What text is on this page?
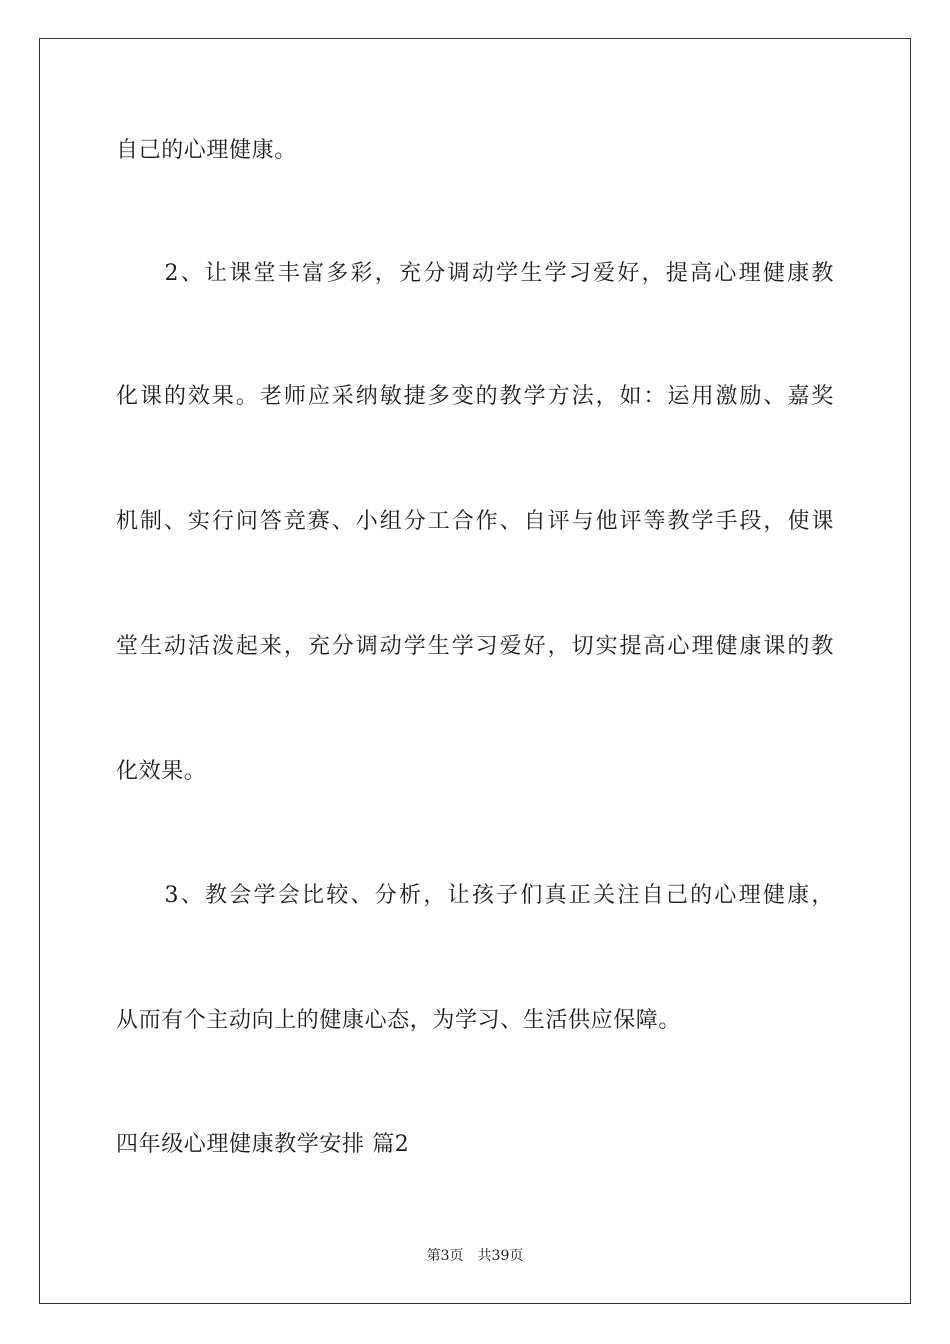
自己的心理健康。
　　2、让课堂丰富多彩，充分调动学生学习爱好，提高心理健康教
化课的效果。老师应采纳敏捷多变的教学方法，如：运用激励、嘉奖
机制、实行问答竞赛、小组分工合作、自评与他评等教学手段，使课
堂生动活泼起来，充分调动学生学习爱好，切实提高心理健康课的教
化效果。
　　3、教会学会比较、分析，让孩子们真正关注自己的心理健康，
从而有个主动向上的健康心态，为学习、生活供应保障。
四年级心理健康教学安排 篇2
第3页　共39页
